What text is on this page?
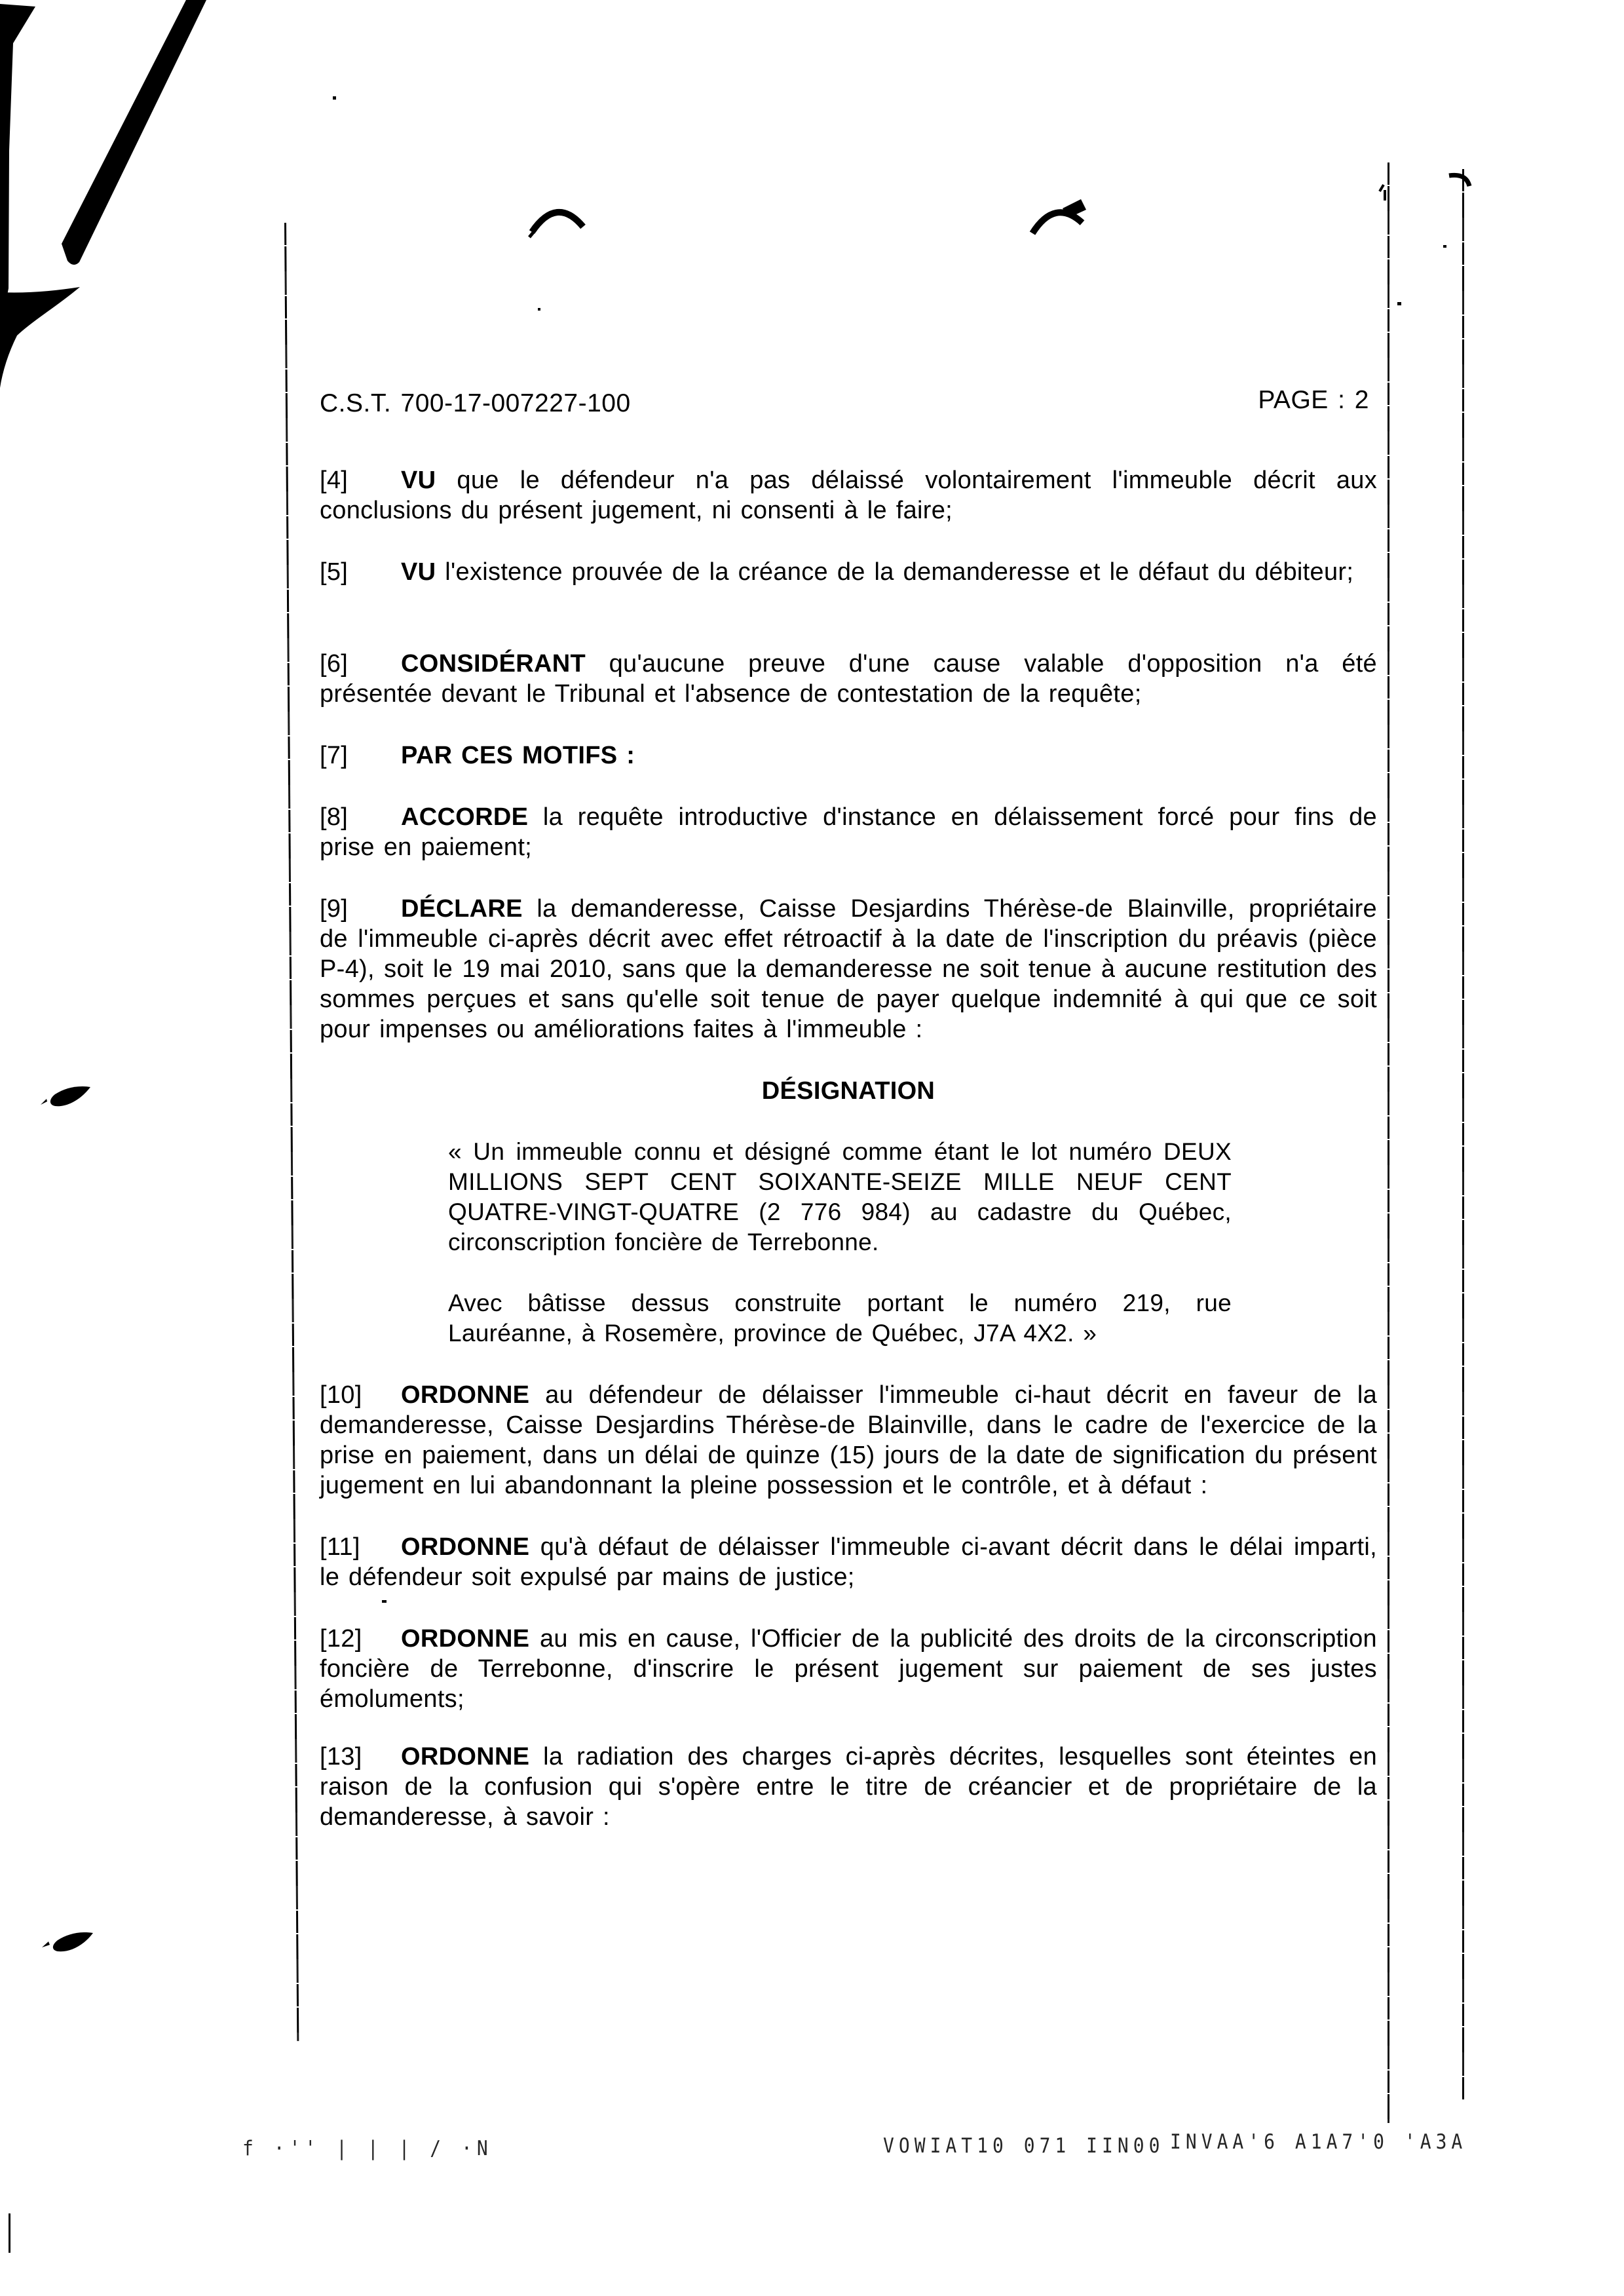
C.S.T. 700-17-007227-100	PAGE : 2
[4] VU que le défendeur n'a pas délaissé volontairement l'immeuble décrit aux conclusions du présent jugement, ni consenti à le faire;
[5] VU l'existence prouvée de la créance de la demanderesse et le défaut du débiteur;
[6] CONSIDÉRANT qu'aucune preuve d'une cause valable d'opposition n'a été présentée devant le Tribunal et l'absence de contestation de la requête;
[7] PAR CES MOTIFS :
[8] ACCORDE la requête introductive d'instance en délaissement forcé pour fins de prise en paiement;
[9] DÉCLARE la demanderesse, Caisse Desjardins Thérèse-de Blainville, propriétaire de l'immeuble ci-après décrit avec effet rétroactif à la date de l'inscription du préavis (pièce P-4), soit le 19 mai 2010, sans que la demanderesse ne soit tenue à aucune restitution des sommes perçues et sans qu'elle soit tenue de payer quelque indemnité à qui que ce soit pour impenses ou améliorations faites à l'immeuble :
DÉSIGNATION
« Un immeuble connu et désigné comme étant le lot numéro DEUX MILLIONS SEPT CENT SOIXANTE-SEIZE MILLE NEUF CENT QUATRE-VINGT-QUATRE (2 776 984) au cadastre du Québec, circonscription foncière de Terrebonne.
Avec bâtisse dessus construite portant le numéro 219, rue Lauréanne, à Rosemère, province de Québec, J7A 4X2. »
[10] ORDONNE au défendeur de délaisser l'immeuble ci-haut décrit en faveur de la demanderesse, Caisse Desjardins Thérèse-de Blainville, dans le cadre de l'exercice de la prise en paiement, dans un délai de quinze (15) jours de la date de signification du présent jugement en lui abandonnant la pleine possession et le contrôle, et à défaut :
[11] ORDONNE qu'à défaut de délaisser l'immeuble ci-avant décrit dans le délai imparti, le défendeur soit expulsé par mains de justice;
[12] ORDONNE au mis en cause, l'Officier de la publicité des droits de la circonscription foncière de Terrebonne, d'inscrire le présent jugement sur paiement de ses justes émoluments;
[13] ORDONNE la radiation des charges ci-après décrites, lesquelles sont éteintes en raison de la confusion qui s'opère entre le titre de créancier et de propriétaire de la demanderesse, à savoir :
f ·'' | | | / ·N	VOWIAT10 071 IIN00 INVAA'6 A1A7'0 'A3A
